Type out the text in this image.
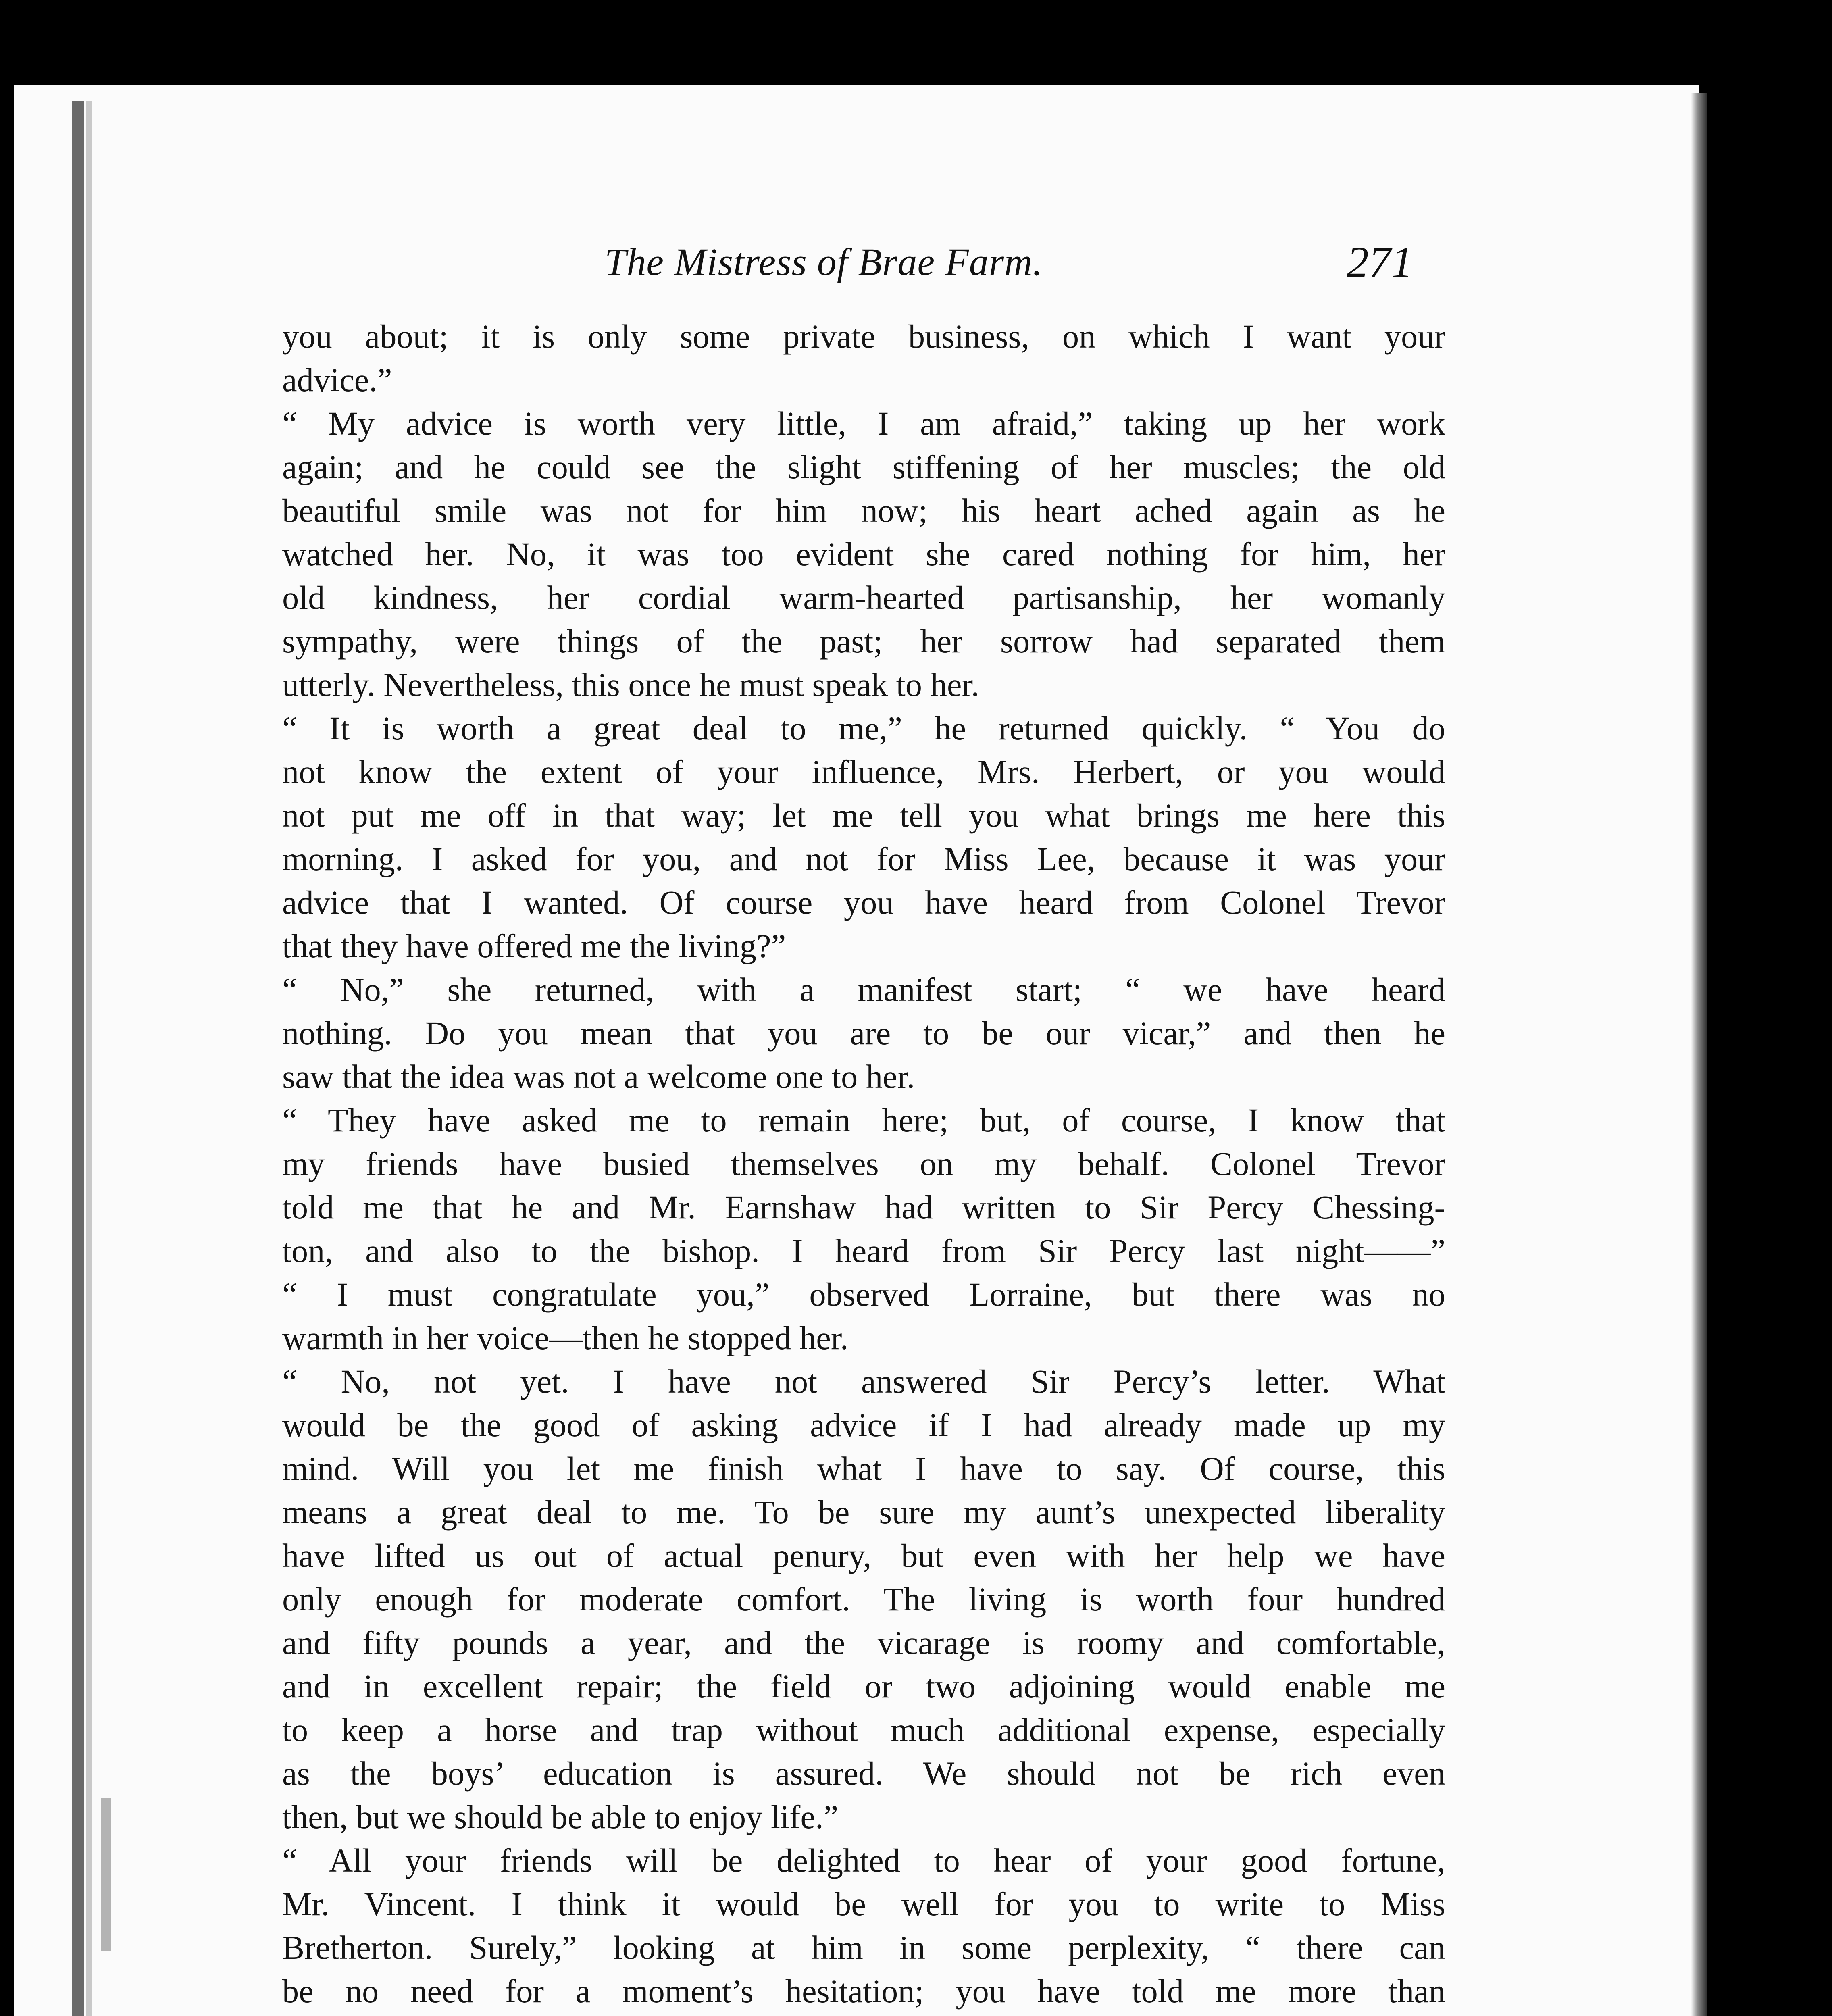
The Mistress of Brae Farm.	271
you about; it is only some private business, on which I want your
advice.”
“ My advice is worth very little, I am afraid,” taking up her work
again; and he could see the slight stiffening of her muscles; the old
beautiful smile was not for him now; his heart ached again as he
watched her. No, it was too evident she cared nothing for him, her
old kindness, her cordial warm-hearted partisanship, her womanly
sympathy, were things of the past; her sorrow had separated them
utterly. Nevertheless, this once he must speak to her.
“ It is worth a great deal to me,” he returned quickly. “ You do
not know the extent of your influence, Mrs. Herbert, or you would
not put me off in that way; let me tell you what brings me here this
morning. I asked for you, and not for Miss Lee, because it was your
advice that I wanted. Of course you have heard from Colonel Trevor
that they have offered me the living?”
“ No,” she returned, with a manifest start; “ we have heard
nothing. Do you mean that you are to be our vicar,” and then he
saw that the idea was not a welcome one to her.
“ They have asked me to remain here; but, of course, I know that
my friends have busied themselves on my behalf. Colonel Trevor
told me that he and Mr. Earnshaw had written to Sir Percy Chessing-
ton, and also to the bishop. I heard from Sir Percy last night——”
“ I must congratulate you,” observed Lorraine, but there was no
warmth in her voice—then he stopped her.
“ No, not yet. I have not answered Sir Percy’s letter. What
would be the good of asking advice if I had already made up my
mind. Will you let me finish what I have to say. Of course, this
means a great deal to me. To be sure my aunt’s unexpected liberality
have lifted us out of actual penury, but even with her help we have
only enough for moderate comfort. The living is worth four hundred
and fifty pounds a year, and the vicarage is roomy and comfortable,
and in excellent repair; the field or two adjoining would enable me
to keep a horse and trap without much additional expense, especially
as the boys’ education is assured. We should not be rich even
then, but we should be able to enjoy life.”
“ All your friends will be delighted to hear of your good fortune,
Mr. Vincent. I think it would be well for you to write to Miss
Bretherton. Surely,” looking at him in some perplexity, “ there can
be no need for a moment’s hesitation; you have told me more than
